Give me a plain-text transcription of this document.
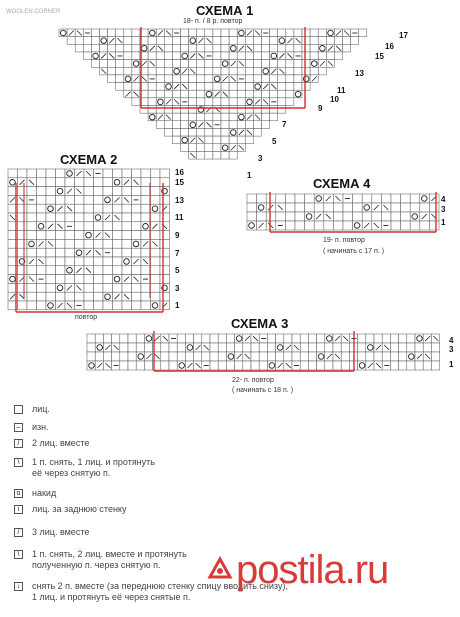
WOOLEN CORNER	СХЕМА 1
18- п. / 8 р. повтор
17
16
15
13
11
10
9
7
5
3
1
СХЕМА 2
16
15
13
11
9
7
5
3
1
повтор
СХЕМА 4
4
3
1
19- п. повтор
( начинать с 17 п. )
СХЕМА 3
4
3
1
22- п. повтор
( начинать с 18 п. )
лиц.
– изн.
/	2 лиц. вместе
\	1 п. снять, 1 лиц. и протянуть
её через снятую п.
o накид
ı	лиц. за заднюю стенку
/	3 лиц. вместе
\	1 п. снять, 2 лиц. вместе и протянуть
полученную п. через снятую п.
↓	снять 2 п. вместе (за переднюю стенку спицу вводить снизу),
1 лиц. и протянуть её через снятые п.
postila.ru
